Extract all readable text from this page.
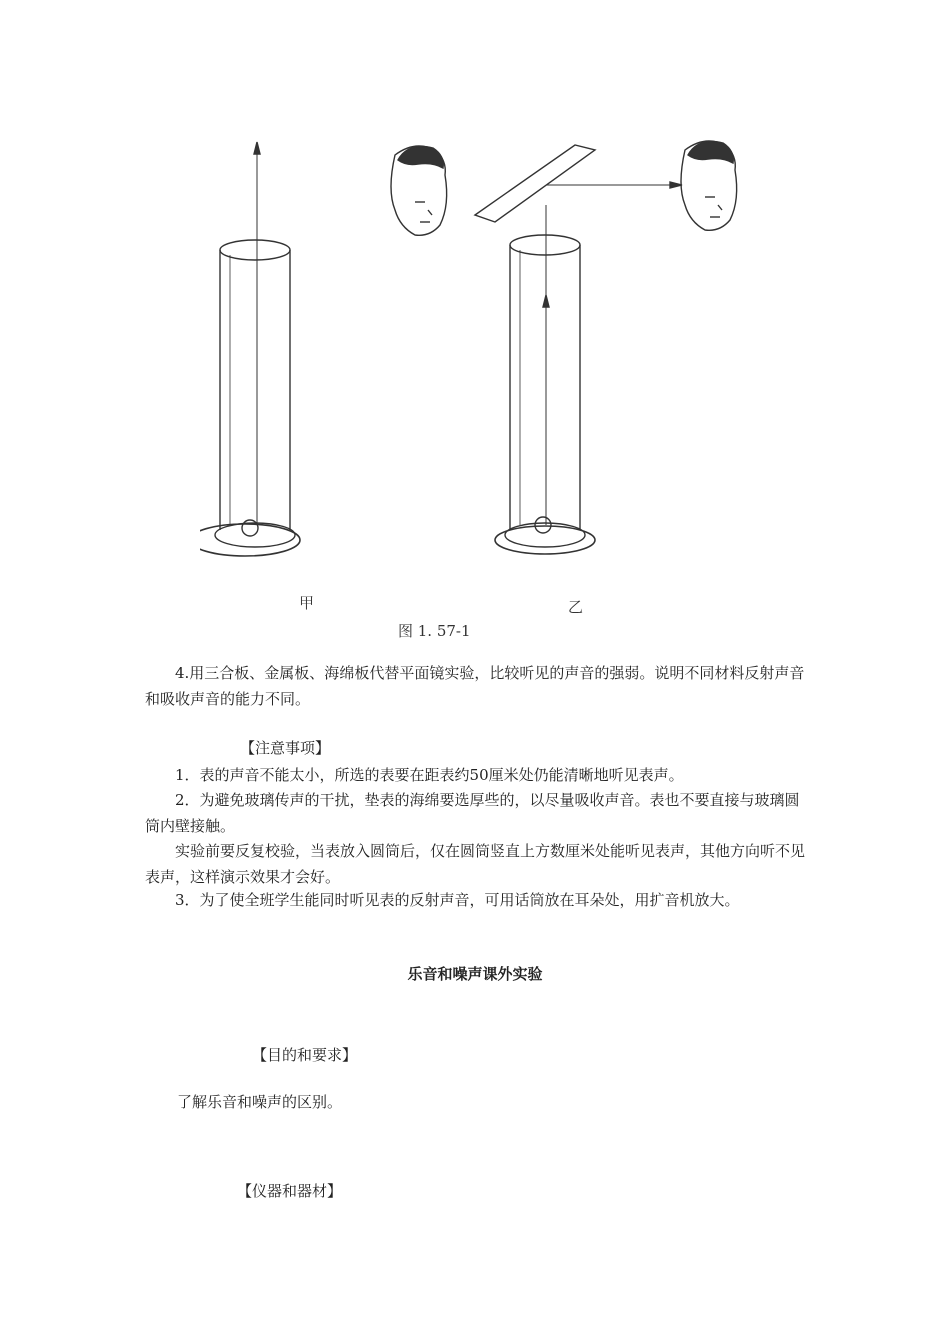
甲	乙
图 1. 57-1
4.用三合板、金属板、海绵板代替平面镜实验，比较听见的声音的强弱。说明不同材料反射声音和吸收声音的能力不同。
【注意事项】
1．表的声音不能太小，所选的表要在距表约50厘米处仍能清晰地听见表声。
2．为避免玻璃传声的干扰，垫表的海绵要选厚些的，以尽量吸收声音。表也不要直接与玻璃圆筒内壁接触。
实验前要反复校验，当表放入圆筒后，仅在圆筒竖直上方数厘米处能听见表声，其他方向听不见表声，这样演示效果才会好。
3．为了使全班学生能同时听见表的反射声音，可用话筒放在耳朵处，用扩音机放大。
乐音和噪声课外实验
【目的和要求】
了解乐音和噪声的区别。
【仪器和器材】
